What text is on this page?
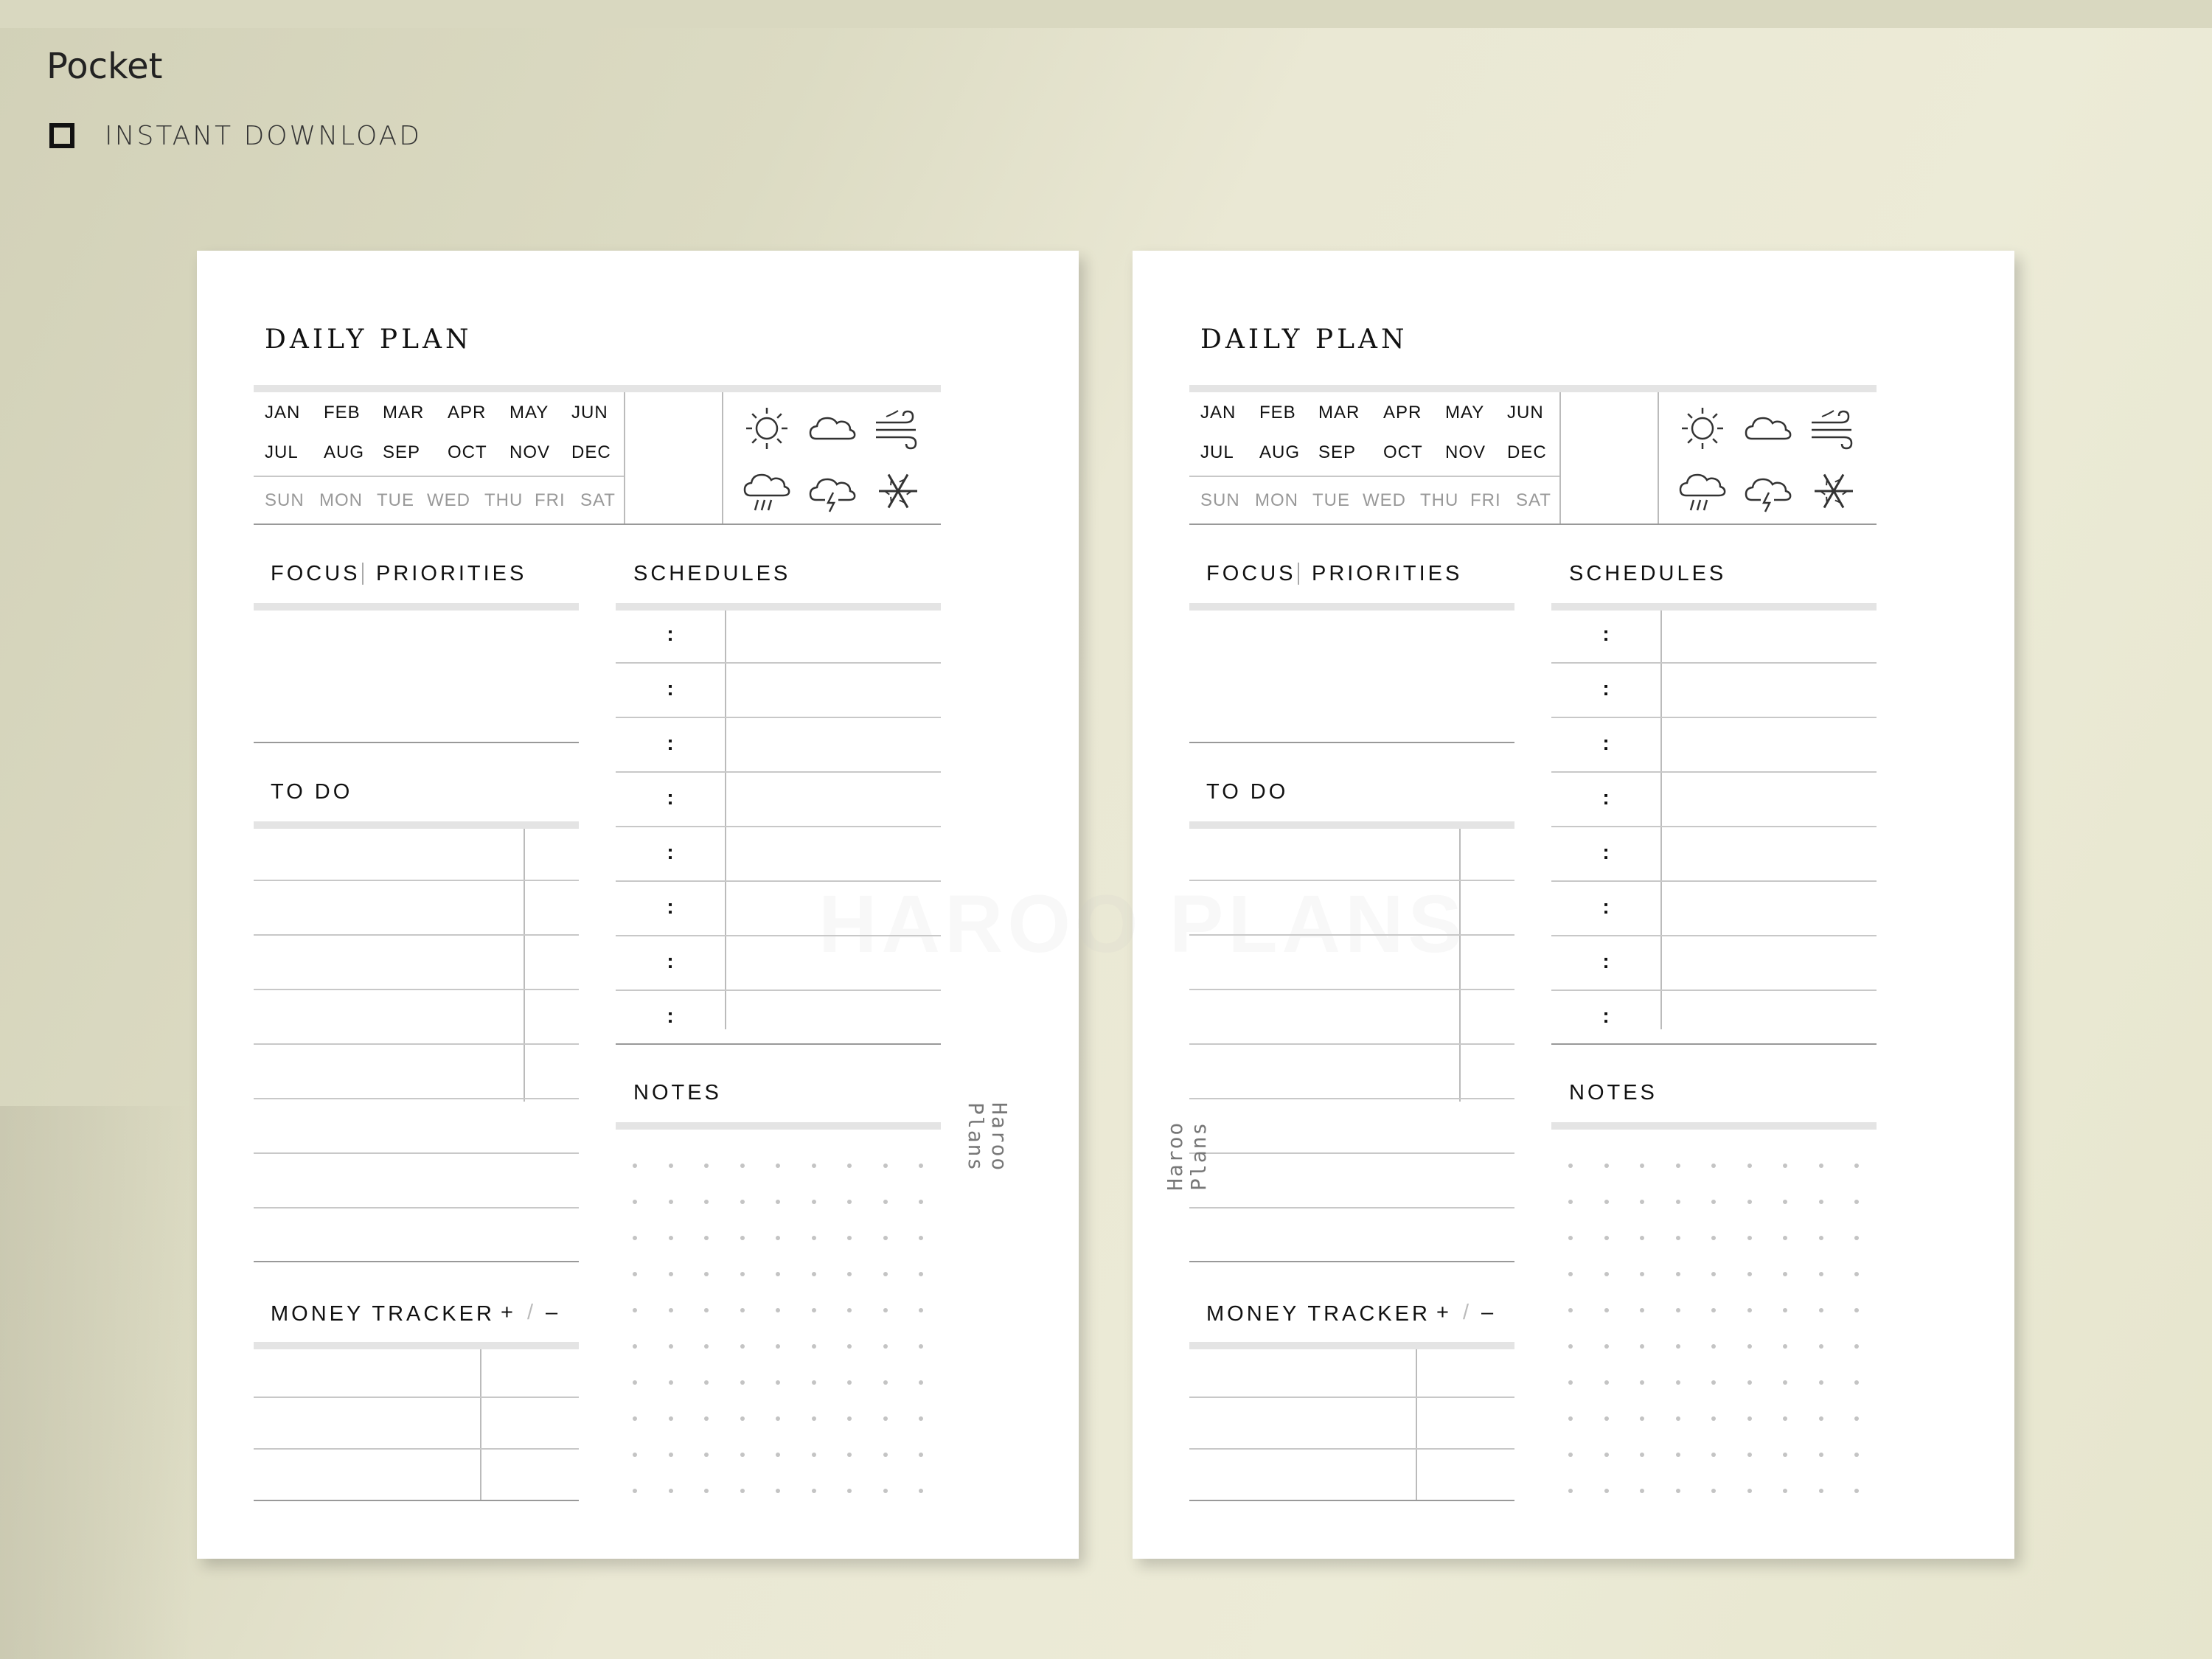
Pocket
INSTANT DOWNLOAD
DAILY PLAN
JAN FEB MAR APR MAY JUN
JUL AUG SEP OCT NOV DEC
SUN MON TUE WED THU FRI SAT
FOCUS PRIORITIES
TO DO
MONEY TRACKER + / –
SCHEDULES
:
:
:
:
:
:
:
:
NOTES
Haroo
Plans
DAILY PLAN
JAN FEB MAR APR MAY JUN
JUL AUG SEP OCT NOV DEC
SUN MON TUE WED THU FRI SAT
FOCUS PRIORITIES
TO DO
MONEY TRACKER + / –
SCHEDULES
:
:
:
:
:
:
:
:
NOTES
Haroo Plans
HAROO PLANS
